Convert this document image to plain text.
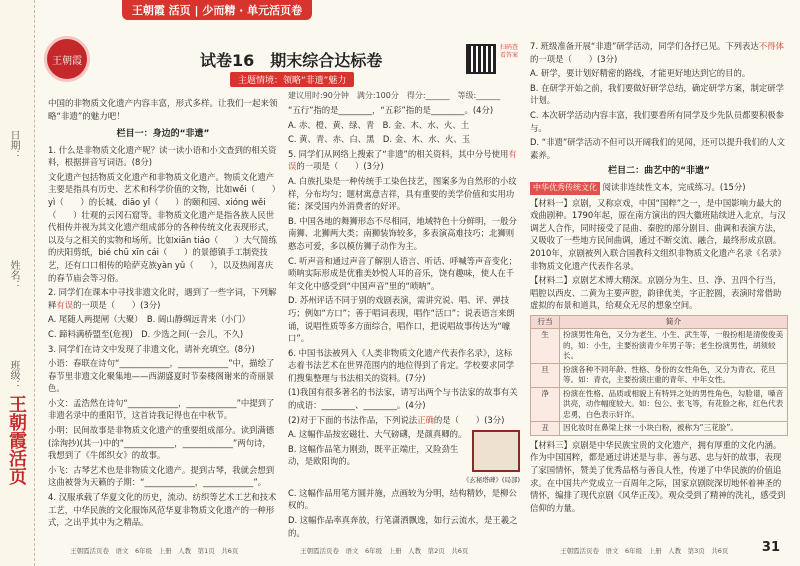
日期：
姓名：
班级：
王朝霞活页
王朝霞 活页 | 少而精 · 单元活页卷
王朝霞	试卷16　期末综合达标卷
主题情境：领略“非遗”魅力
扫码查看答案
中国的非物质文化遗产内容丰富，形式多样。让我们一起来领略“非遗”的魅力吧！
栏目一：身边的“非遗”

1. 什么是非物质文化遗产呢？读一读小语和小文查到的相关资料，根据拼音写词语。(8分)

文化遗产包括物质文化遗产和非物质文化遗产。物质文化遗产主要是指具有历史、艺术和科学价值的文物，比如wěi（　　）yì（　　）的长城、diāo yǐ（　　）的颐和园、xióng wěi（　　）壮观的云冈石窟等。非物质文化遗产是指各族人民世代相传并视为其文化遗产组成部分的各种传统文化表现形式，以及与之相关的实物和场所。比如xiān tiáo（　　）大气简练的庆阳剪纸，bié chū xīn cái（　　）的景德镇手工制瓷技艺，还有口口相传的哈萨克族yàn yǔ（　　），以及热闹喜庆的春节庙会等习俗。

2. 同学们在课本中寻找非遗文化时，遇到了一些字词，下列解释有误的一项是（　　）(3分)

A. 尾随人两提闸（大聚）　B. 阔山静绸远青来（小门）

C. 蹄料满桥盟至(危视)　D. 少选之间(一会儿，不久)

3. 同学们在诗文中发现了非遗文化，请补充填空。(8分)

小语：春联在诗句“____________，____________”中，描绘了春节里非遗文化聚集地——西湖盛夏时节秦楼阁谢来的奇丽景色。

小文：孟浩然在诗句“____________，____________”中提到了非遗名录中的重阳节，这首诗我记得也在中秋节。

小明：民间故事是非物质文化遗产的重要组成部分。读到满德(涂洵抄)(其一)中的“____________，____________”两句诗，我想到了《牛郎织女》的故事。

小飞：古琴艺术也是非物质文化遗产。提到古琴，我就会想到这曲被誉为天籁的子期：“____________，____________”。

4. 汉服承载了华夏文化的历史，流动、纺织等艺术工艺和技术工艺，中华民族的文化服饰风范华夏非物质文化遗产的一种形式，之出乎其中为之精品。

建议用时:90分钟　满分:100分　得分:______　等级:______

“五行”指的是________，“五彩”指的是________。(4分)

A. 赤、橙、黄、绿、青　B. 金、木、水、火、土

C. 黄、青、赤、白、黑　D. 金、木、水、火、玉

5. 同学们从网络上搜索了“非遗”的相关资料，其中分号使用有误的一项是（　　）(3分)

A. 白族扎染是一种传统手工染色技艺，图案多为自然形的小纹样，分布均匀；题材寓意吉祥，具有重要的美学价值和实用功能；深受国内外消费者的好评。

B. 中国各地的舞狮形态不尽相同，地域特色十分鲜明，一般分南狮、北狮两大类；南狮装饰较多，多表演高难技巧；北狮则憨态可爱，多以模仿狮子动作为主。

C. 听声音和通过声音了解别人语言、听话、呼喊等声音变化；唢呐实际形成是优雅美妙悦人耳的音乐，饶有趣味，使人在千年文化中感受到“中国声音”里的“唢呐”。

D. 苏州评话不同于别的戏剧表演，需讲究说、唱、评、弹技巧；例如“方口”；善于唱词表现，唱作“活口”；说表语言来朗诵，说唱性质等多方面综合，唱作口，把说唱故事传达为“噱口”。

6. 中国书法被列入《人类非物质文化遗产代表作名录》，这标志着书法艺术在世界范围内的地位得到了肯定。学校要求同学们搜集整理与书法相关的资料。(7分)

(1)我国有很多著名的书法家，请写出两个与书法家的故事有关的成语：________、________。(4分)

(2)对于下面的书法作品，下列说法正确的是（　　）(3分)

A. 这幅作品按宏磁壮、大气磅礴，是颜真卿的。

B. 这幅作品笔力刚劲，既平正端庄，又险劲生动，是欧阳询的。

《玄秘塔碑》(局部)

C. 这幅作品用笔方圆并施，点画较为分明，结构精妙，是柳公权的。

D. 这幅作品率真奔放，行笔潇洒飘逸，如行云流水，是王羲之的。

7. 班级准备开展“非遗”研学活动，同学们各抒已见。下列表达不得体的一项是（　　）(3分)

A. 研学，要计划好精密的路线，才能更好地达到它的目的。

B. 在研学开始之前，我们要做好研学总结，确定研学方案，制定研学计划。

C. 本次研学活动内容丰富，我们要看所有同学及少先队员都要积极参与。

D. “非遗”研学活动不但可以开阔我们的见闻，还可以提升我们的人文素养。

栏目二：曲艺中的“非遗”

中华优秀传统文化 阅读非连续性文本，完成练习。(15分)

【材料一】京剧，又称京戏，中国“国粹”之一，是中国影响力最大的戏曲剧种。1790年起，原在南方演出的四大徽班陆续进入北京，与汉调艺人合作，同时接受了昆曲、秦腔的部分剧目、曲调和表演方法，又吸收了一些地方民间曲调，通过不断交流、融合，最终形成京剧。2010年，京剧被列入联合国教科文组织非物质文化遗产名录《名录》非物质文化遗产代表作名录。

【材料二】京剧艺术博大精深。京剧分为生、旦、净、丑四个行当，唱腔以西皮、二黄为主要声腔，韵律优美，字正腔圆，表演时常借助虚拟的布景和道具，给观众无尽的想象空间。

行当	简介
生	扮演男性角色，又分为老生、小生、武生等，一般扮相是清俊俊美的，如：小生，主要扮演青少年男子等；老生扮演男性，胡须较长。
旦	扮演各种不同年龄、性格、身份的女性角色，又分为青衣、花旦等。如：青衣，主要扮演庄重的青年、中年女性。
净	扮演在性格、品质或相貌上有特异之处的男性角色，勾脸谱，嗓音洪亮，动作幅度较大。如：包公、张飞等，有花脸之称，红色代表忠勇，白色表示奸诈。
丑	因化妆时在鼻梁上抹一小块白粉，被称为“三花脸”。

【材料三】京剧是中华民族宝贵的文化遗产，拥有厚重的文化内涵。作为中国国粹，都是通过讲述是与非、善与恶、忠与奸的故事，表现了家国情怀，赞美了优秀品格与善良人性，传递了中华民族的价值追求。在中国共产党成立一百周年之际，国家京剧院深切地怀着神圣的情怀，编排了现代京剧《风华正茂》。观众受到了精神的洗礼，感受到信仰的力量。

王朝霞活页卷　语文　6年级　上册　人教　第1页　共6页	王朝霞活页卷　语文　6年级　上册　人教　第2页　共6页	王朝霞活页卷　语文　6年级　上册　人教　第3页　共6页	31
